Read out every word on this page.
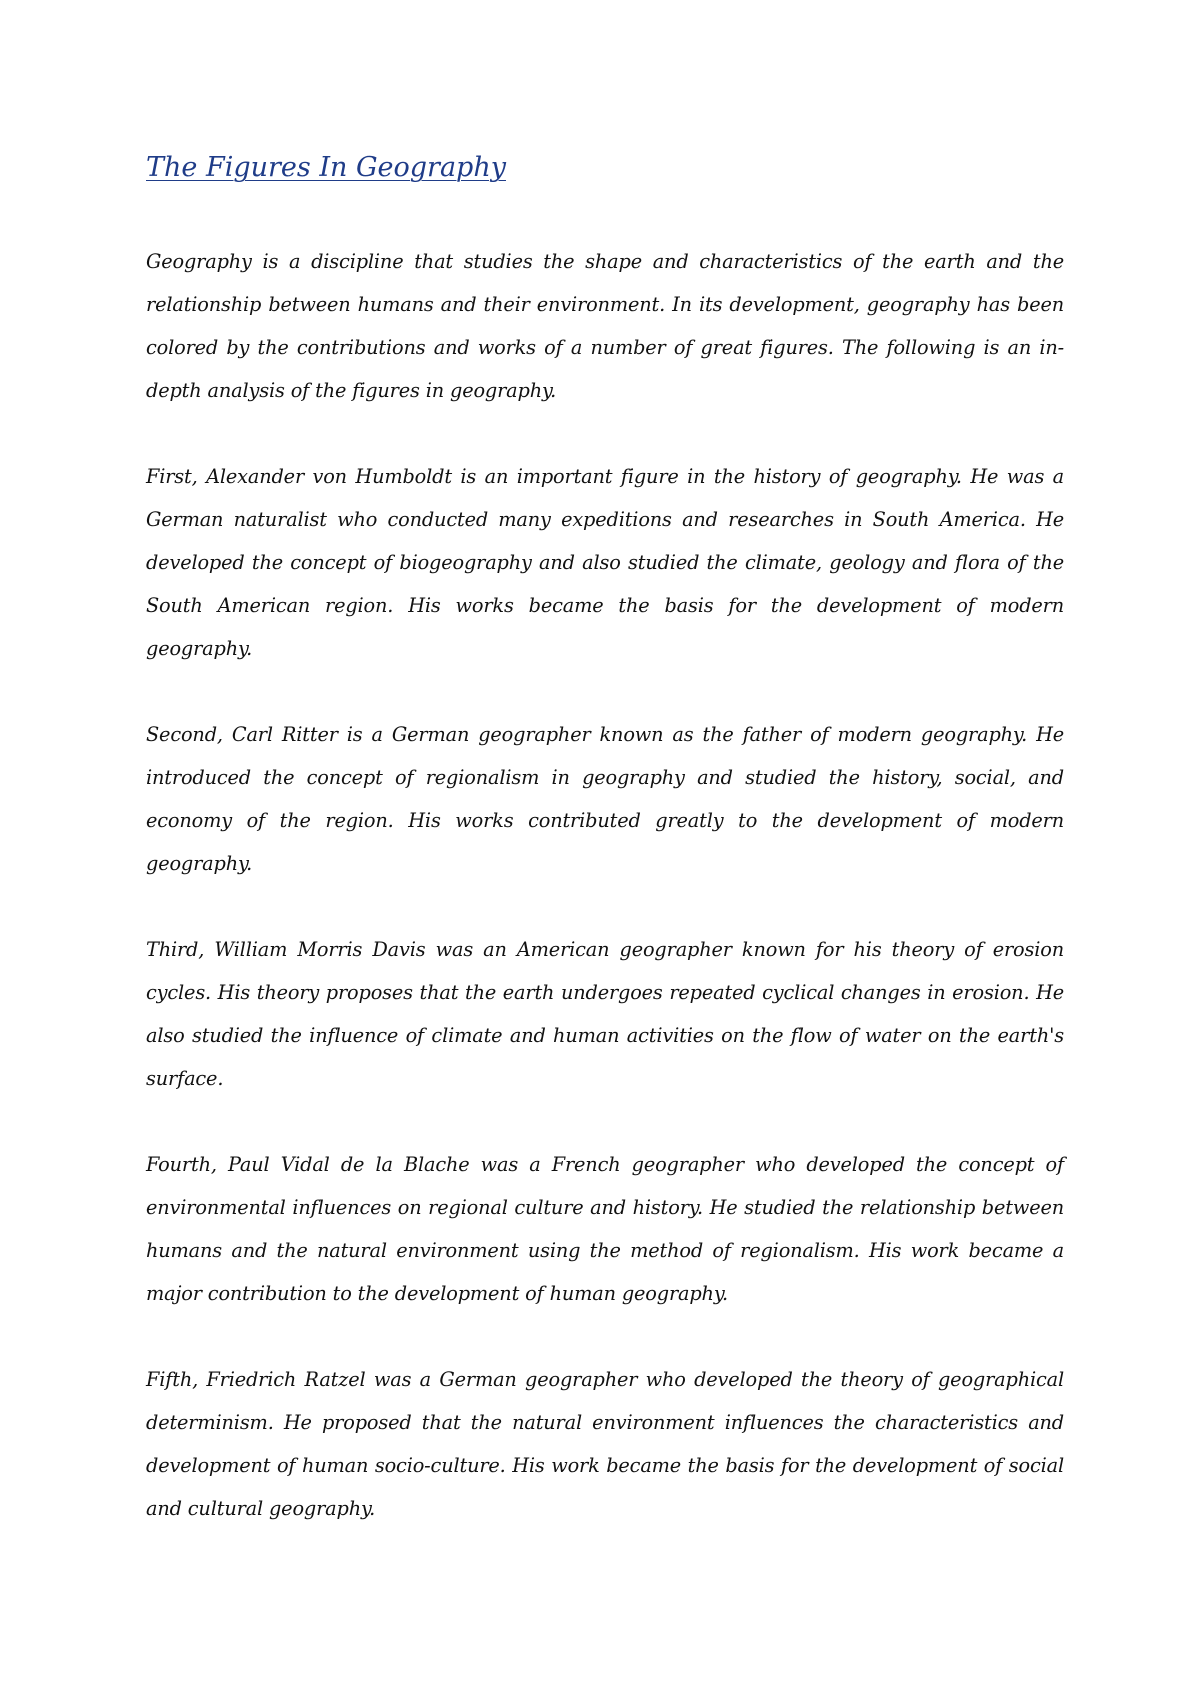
The Figures In Geography

Geography is a discipline that studies the shape and characteristics of the earth and the relationship between humans and their environment. In its development, geography has been colored by the contributions and works of a number of great figures. The following is an in-depth analysis of the figures in geography.

First, Alexander von Humboldt is an important figure in the history of geography. He was a German naturalist who conducted many expeditions and researches in South America. He developed the concept of biogeography and also studied the climate, geology and flora of the South American region. His works became the basis for the development of modern geography.

Second, Carl Ritter is a German geographer known as the father of modern geography. He introduced the concept of regionalism in geography and studied the history, social, and economy of the region. His works contributed greatly to the development of modern geography.

Third, William Morris Davis was an American geographer known for his theory of erosion cycles. His theory proposes that the earth undergoes repeated cyclical changes in erosion. He also studied the influence of climate and human activities on the flow of water on the earth's surface.

Fourth, Paul Vidal de la Blache was a French geographer who developed the concept of environmental influences on regional culture and history. He studied the relationship between humans and the natural environment using the method of regionalism. His work became a major contribution to the development of human geography.

Fifth, Friedrich Ratzel was a German geographer who developed the theory of geographical determinism. He proposed that the natural environment influences the characteristics and development of human socio-culture. His work became the basis for the development of social and cultural geography.
